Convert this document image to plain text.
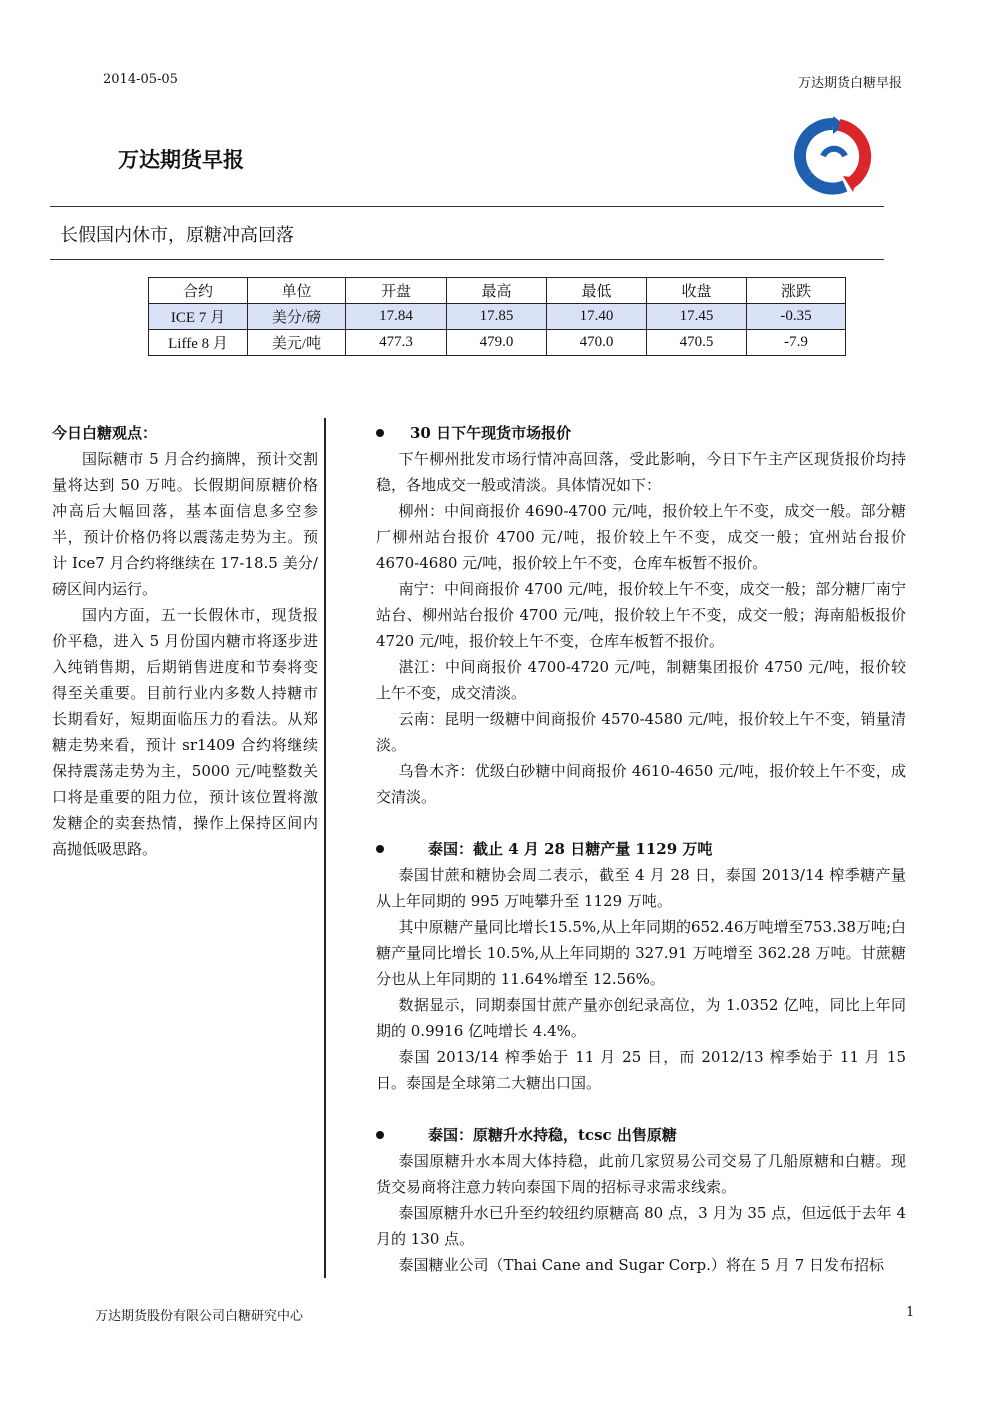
2014-05-05	万达期货白糖早报
万达期货早报
长假国内休市，原糖冲高回落
合约	单位	开盘	最高	最低	收盘	涨跌
ICE 7 月	美分/磅	17.84	17.85	17.40	17.45	-0.35
Liffe 8 月	美元/吨	477.3	479.0	470.0	470.5	-7.9
今日白糖观点：

国际糖市 5 月合约摘牌，预计交割量将达到 50 万吨。长假期间原糖价格冲高后大幅回落，基本面信息多空参半，预计价格仍将以震荡走势为主。预计 Ice7 月合约将继续在 17-18.5 美分/磅区间内运行。

国内方面，五一长假休市，现货报价平稳，进入 5 月份国内糖市将逐步进入纯销售期，后期销售进度和节奏将变得至关重要。目前行业内多数人持糖市长期看好，短期面临压力的看法。从郑糖走势来看，预计 sr1409 合约将继续保持震荡走势为主，5000 元/吨整数关口将是重要的阻力位，预计该位置将激发糖企的卖套热情，操作上保持区间内高抛低吸思路。

30 日下午现货市场报价

下午柳州批发市场行情冲高回落，受此影响，今日下午主产区现货报价均持稳，各地成交一般或清淡。具体情况如下：

柳州：中间商报价 4690-4700 元/吨，报价较上午不变，成交一般。部分糖厂柳州站台报价 4700 元/吨，报价较上午不变，成交一般；宜州站台报价 4670-4680 元/吨，报价较上午不变，仓库车板暂不报价。

南宁：中间商报价 4700 元/吨，报价较上午不变，成交一般；部分糖厂南宁站台、柳州站台报价 4700 元/吨，报价较上午不变，成交一般；海南船板报价 4720 元/吨，报价较上午不变，仓库车板暂不报价。

湛江：中间商报价 4700-4720 元/吨，制糖集团报价 4750 元/吨，报价较上午不变，成交清淡。

云南：昆明一级糖中间商报价 4570-4580 元/吨，报价较上午不变，销量清淡。

乌鲁木齐：优级白砂糖中间商报价 4610-4650 元/吨，报价较上午不变，成交清淡。

泰国：截止 4 月 28 日糖产量 1129 万吨

泰国甘蔗和糖协会周二表示，截至 4 月 28 日，泰国 2013/14 榨季糖产量从上年同期的 995 万吨攀升至 1129 万吨。

其中原糖产量同比增长15.5%,从上年同期的652.46万吨增至753.38万吨;白糖产量同比增长 10.5%,从上年同期的 327.91 万吨增至 362.28 万吨。甘蔗糖分也从上年同期的 11.64%增至 12.56%。

数据显示，同期泰国甘蔗产量亦创纪录高位，为 1.0352 亿吨，同比上年同期的 0.9916 亿吨增长 4.4%。

泰国 2013/14 榨季始于 11 月 25 日，而 2012/13 榨季始于 11 月 15 日。泰国是全球第二大糖出口国。

泰国：原糖升水持稳，tcsc 出售原糖

泰国原糖升水本周大体持稳，此前几家贸易公司交易了几船原糖和白糖。现货交易商将注意力转向泰国下周的招标寻求需求线索。

泰国原糖升水已升至约较纽约原糖高 80 点，3 月为 35 点，但远低于去年 4 月的 130 点。

泰国糖业公司（Thai Cane and Sugar Corp.）将在 5 月 7 日发布招标

万达期货股份有限公司白糖研究中心	1
